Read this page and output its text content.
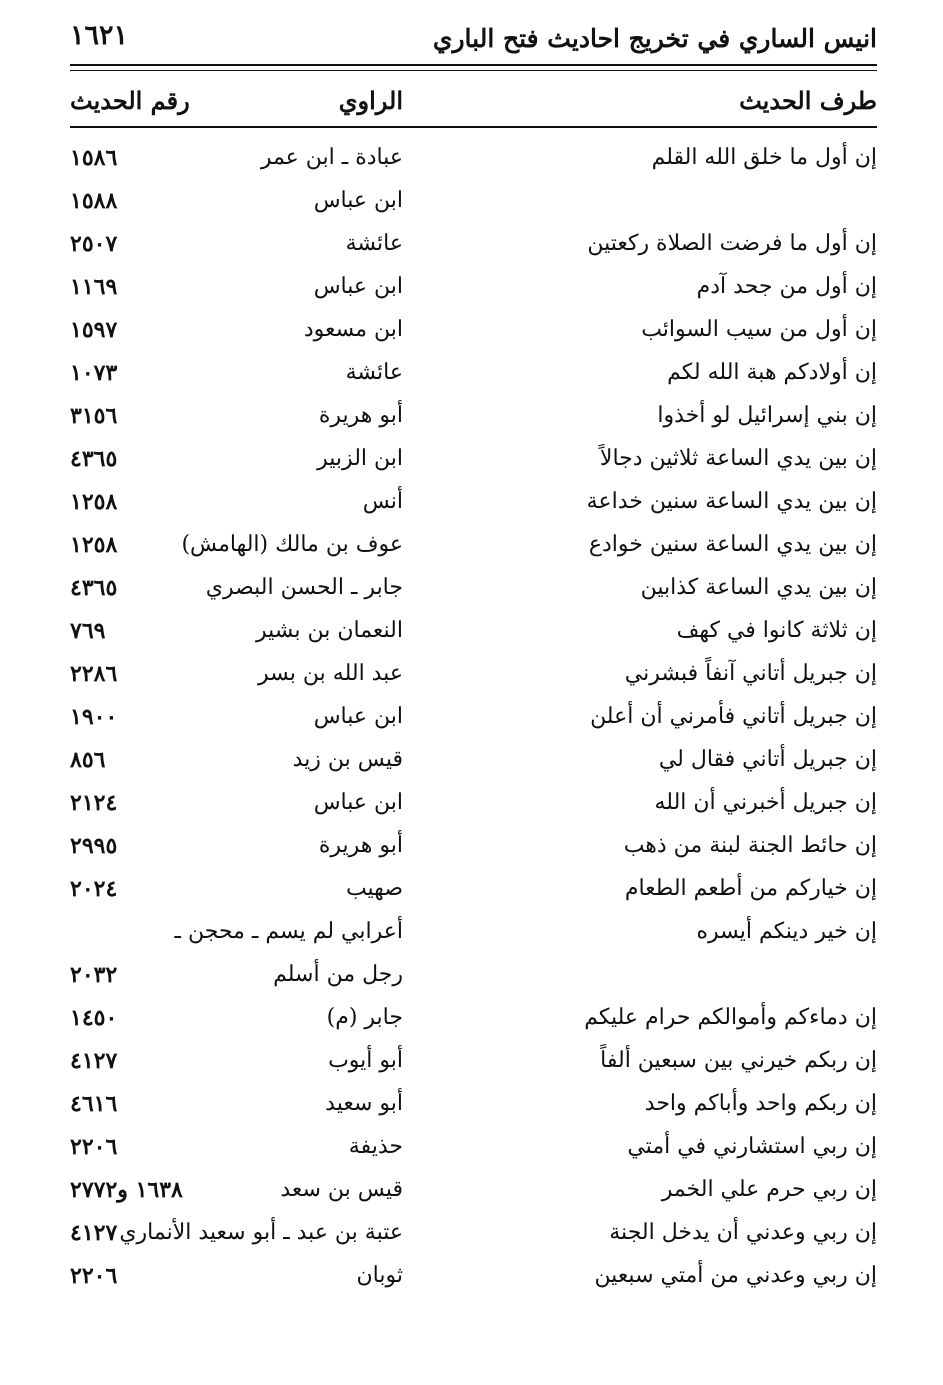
انيس الساري في تخريج احاديث فتح الباري
١٦٢١
طرف الحديث
الراوي
رقم الحديث
إن أول ما خلق الله القلم
عبادة ـ ابن عمر
١٥٨٦
ابن عباس
١٥٨٨
إن أول ما فرضت الصلاة ركعتين
عائشة
٢٥٠٧
إن أول من جحد آدم
ابن عباس
١١٦٩
إن أول من سيب السوائب
ابن مسعود
١٥٩٧
إن أولادكم هبة الله لكم
عائشة
١٠٧٣
إن بني إسرائيل لو أخذوا
أبو هريرة
٣١٥٦
إن بين يدي الساعة ثلاثين دجالاً
ابن الزبير
٤٣٦٥
إن بين يدي الساعة سنين خداعة
أنس
١٢٥٨
إن بين يدي الساعة سنين خوادع
عوف بن مالك (الهامش)
١٢٥٨
إن بين يدي الساعة كذابين
جابر ـ الحسن البصري
٤٣٦٥
إن ثلاثة كانوا في كهف
النعمان بن بشير
٧٦٩
إن جبريل أتاني آنفاً فبشرني
عبد الله بن بسر
٢٢٨٦
إن جبريل أتاني فأمرني أن أعلن
ابن عباس
١٩٠٠
إن جبريل أتاني فقال لي
قيس بن زيد
٨٥٦
إن جبريل أخبرني أن الله
ابن عباس
٢١٢٤
إن حائط الجنة لبنة من ذهب
أبو هريرة
٢٩٩٥
إن خياركم من أطعم الطعام
صهيب
٢٠٢٤
إن خير دينكم أيسره
أعرابي لم يسم ـ محجن ـ
رجل من أسلم
٢٠٣٢
إن دماءكم وأموالكم حرام عليكم
جابر (م)
١٤٥٠
إن ربكم خيرني بين سبعين ألفاً
أبو أيوب
٤١٢٧
إن ربكم واحد وأباكم واحد
أبو سعيد
٤٦١٦
إن ربي استشارني في أمتي
حذيفة
٢٢٠٦
إن ربي حرم علي الخمر
قيس بن سعد
١٦٣٨ و٢٧٧٢
إن ربي وعدني أن يدخل الجنة
عتبة بن عبد ـ أبو سعيد الأنماري
٤١٢٧
إن ربي وعدني من أمتي سبعين
ثوبان
٢٢٠٦
